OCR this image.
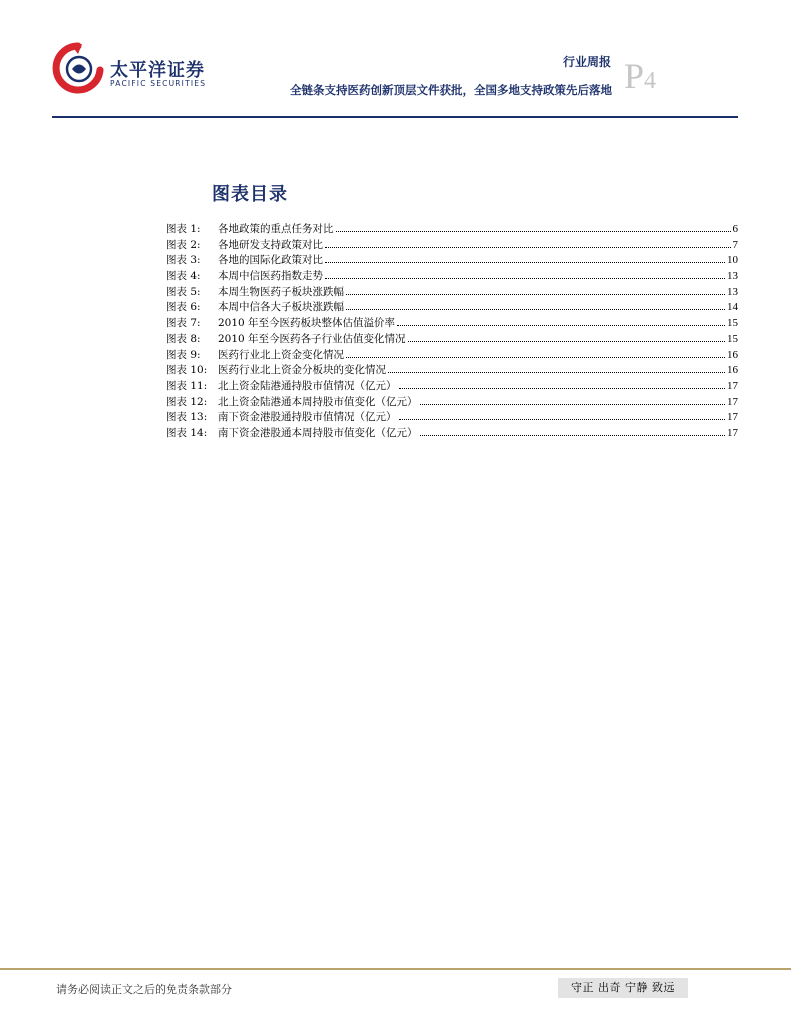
太平洋证券
PACIFIC SECURITIES
行业周报
全链条支持医药创新顶层文件获批，全国多地支持政策先后落地 P4
图表目录
图表 1:	各地政策的重点任务对比	6
图表 2:	各地研发支持政策对比	7
图表 3:	各地的国际化政策对比	10
图表 4:	本周中信医药指数走势	13
图表 5:	本周生物医药子板块涨跌幅	13
图表 6:	本周中信各大子板块涨跌幅	14
图表 7:	2010 年至今医药板块整体估值溢价率	15
图表 8:	2010 年至今医药各子行业估值变化情况	15
图表 9:	医药行业北上资金变化情况	16
图表 10:	医药行业北上资金分板块的变化情况	16
图表 11:	北上资金陆港通持股市值情况（亿元）	17
图表 12:	北上资金陆港通本周持股市值变化（亿元）	17
图表 13:	南下资金港股通持股市值情况（亿元）	17
图表 14:	南下资金港股通本周持股市值变化（亿元）	17
请务必阅读正文之后的免责条款部分	守正 出奇 宁静 致远
